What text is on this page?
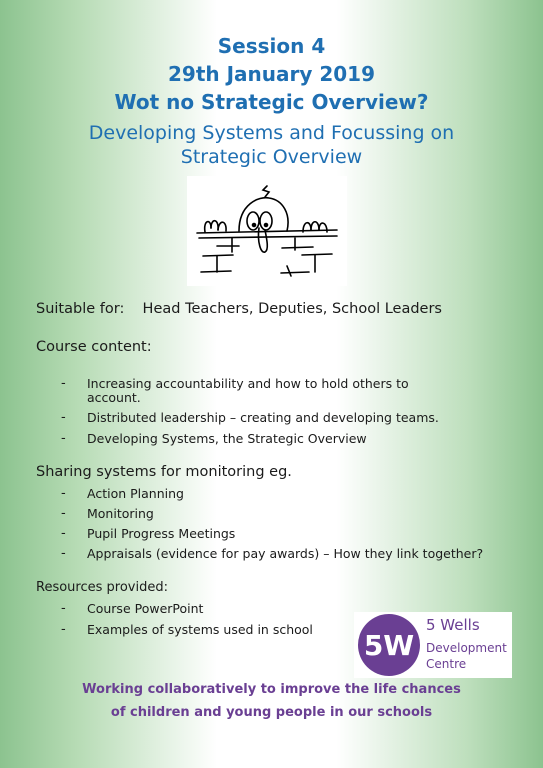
Session 4
29th January 2019
Wot no Strategic Overview?
Developing Systems and Focussing on
Strategic Overview
Suitable for: Head Teachers, Deputies, School Leaders
Course content:
- Increasing accountability and how to hold others to
account.
- Distributed leadership – creating and developing teams.
- Developing Systems, the Strategic Overview
Sharing systems for monitoring eg.
- Action Planning
- Monitoring
- Pupil Progress Meetings
- Appraisals (evidence for pay awards) – How they link together?
Resources provided:
- Course PowerPoint
- Examples of systems used in school 5W
5 Wells
Development
Centre
Working collaboratively to improve the life chances
of children and young people in our schools
